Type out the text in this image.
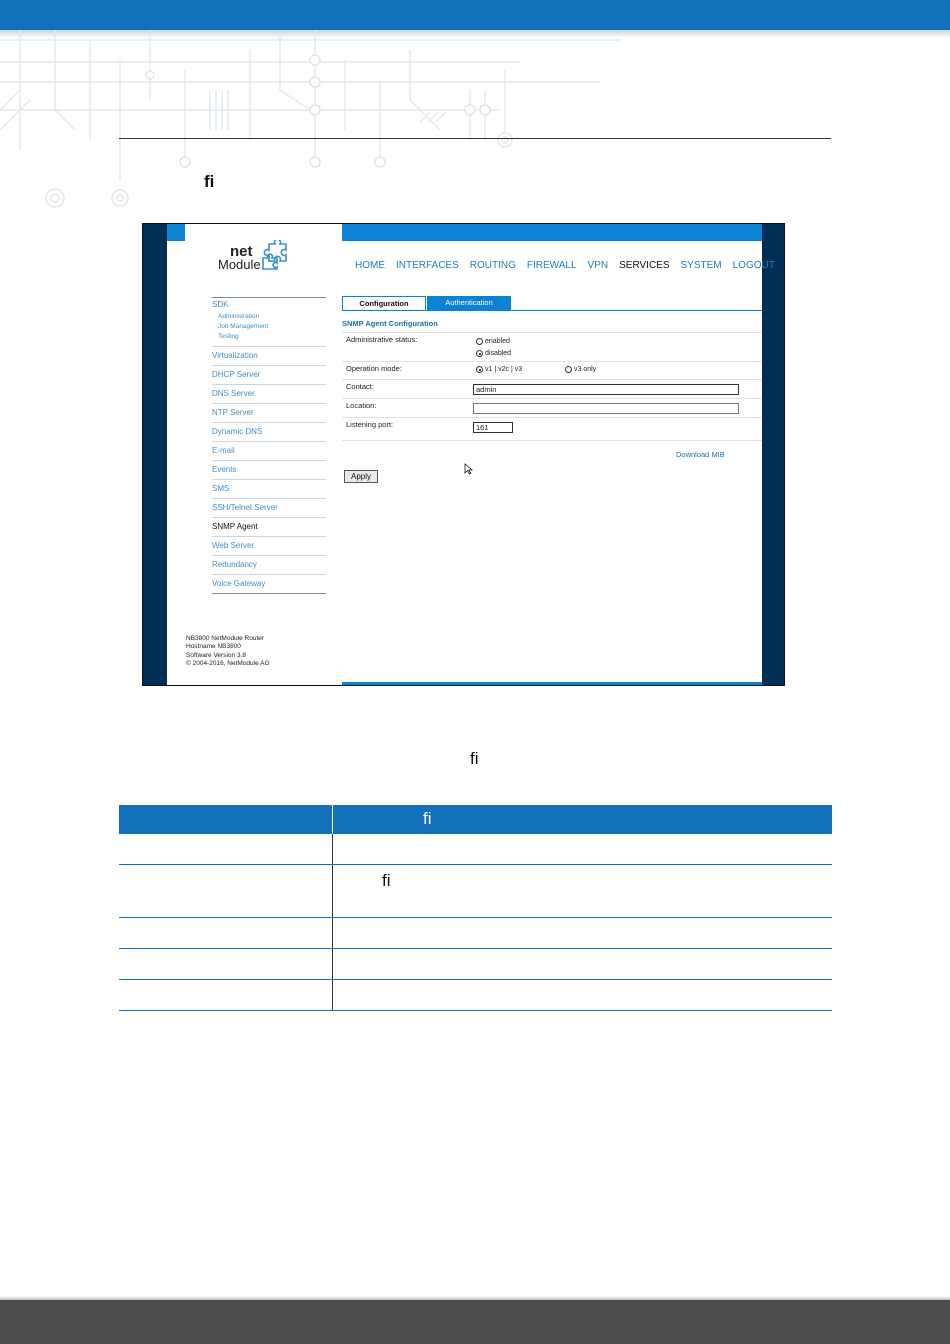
fi
net
Module	HOME INTERFACES ROUTING FIREWALL VPN SERVICES SYSTEM LOGOUT
SDK
Administration
Job Management
Testing
Virtualization
DHCP Server
DNS Server
NTP Server
Dynamic DNS
E-mail
Events
SMS
SSH/Telnet Server
SNMP Agent
Web Server
Redundancy
Voice Gateway
NB3800 NetModule Router
Hostname NB3800
Software Version 3.8
© 2004-2016, NetModule AG
Configuration	Authentication
SNMP Agent Configuration
Administrative status:	enabled
disabled
Operation mode:	v1 | v2c | v3	v3 only
Contact:	admin
Location:
Listening port:	161
Download MIB
Apply
fi
fi
fi
